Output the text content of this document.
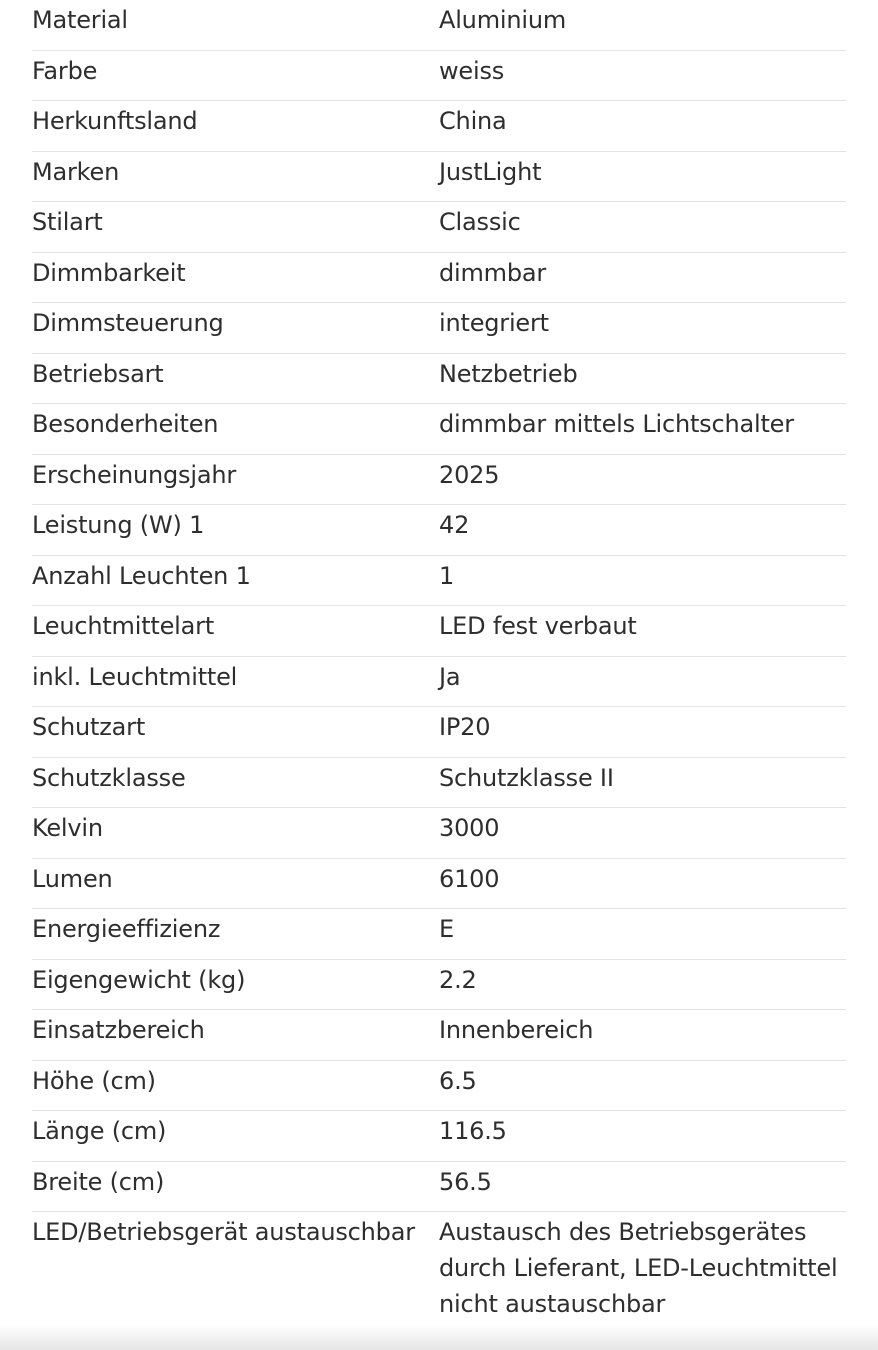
Material	Aluminium
Farbe	weiss
Herkunftsland	China
Marken	JustLight
Stilart	Classic
Dimmbarkeit	dimmbar
Dimmsteuerung	integriert
Betriebsart	Netzbetrieb
Besonderheiten	dimmbar mittels Lichtschalter
Erscheinungsjahr	2025
Leistung (W) 1	42
Anzahl Leuchten 1	1
Leuchtmittelart	LED fest verbaut
inkl. Leuchtmittel	Ja
Schutzart	IP20
Schutzklasse	Schutzklasse II
Kelvin	3000
Lumen	6100
Energieeffizienz	E
Eigengewicht (kg)	2.2
Einsatzbereich	Innenbereich
Höhe (cm)	6.5
Länge (cm)	116.5
Breite (cm)	56.5
LED/Betriebsgerät austauschbar	Austausch des Betriebsgerätes
durch Lieferant, LED-Leuchtmittel
nicht austauschbar
